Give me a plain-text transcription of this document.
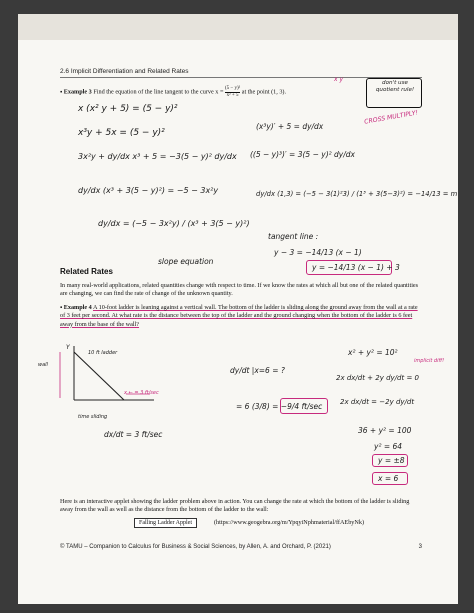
2.6 Implicit Differentiation and Related Rates
▪ Example 3 Find the equation of the line tangent to the curve $x = \frac{\text{(5 − y)²}}{\text{x² + 5}}$ at the point (1, 3).
x y	don't use quotient rule!
CROSS MULTIPLY!
x (x² y + 5) = (5 − y)²
x³y + 5x = (5 − y)²
3x²y + dy/dx x³ + 5 = −3(5 − y)² dy/dx
dy/dx (x³ + 3(5 − y)²) = −5 − 3x²y
dy/dx = (−5 − 3x²y) / (x³ + 3(5 − y)²)
slope equation
(x³y)′ + 5 = dy/dx
((5 − y)³)′ = 3(5 − y)² dy/dx
dy/dx (1,3) = (−5 − 3(1)²3) / (1³ + 3(5−3)²) = −14/13 = m
tangent line :
y − 3 = −14/13 (x − 1)
y = −14/13 (x − 1) + 3
Related Rates
In many real-world applications, related quantities change with respect to time. If we know the rates at which all but one of the related quantities are changing, we can find the rate of change of the unknown quantity.
▪ Example 4 A 10-foot ladder is leaning against a vertical wall. The bottom of the ladder is sliding along the ground away from the wall at a rate of 3 feet per second. At what rate is the distance between the top of the ladder and the ground changing when the bottom of the ladder is 6 feet away from the base of the wall?
wall
10 ft ladder
Y
x ← = 3 ft/sec
time sliding
dx/dt = 3 ft/sec
dy/dt |x=6 = ?
= 6 (3/8) = −9/4 ft/sec
x² + y² = 10²
2x dx/dt + 2y dy/dt = 0
implicit diff!
2x dx/dt = −2y dy/dt
36 + y² = 100
y² = 64
y = ±8
x = 6
Here is an interactive applet showing the ladder problem above in action. You can change the rate at which the bottom of the ladder is sliding away from the wall as well as the distance from the bottom of the ladder to the wall:
Falling Ladder Applet	(https://www.geogebra.org/m/YpqyiNphmaterial/ffAEbyNk)
© TAMU – Companion to Calculus for Business & Social Sciences, by Allen, A. and Orchard, P. (2021)	3
